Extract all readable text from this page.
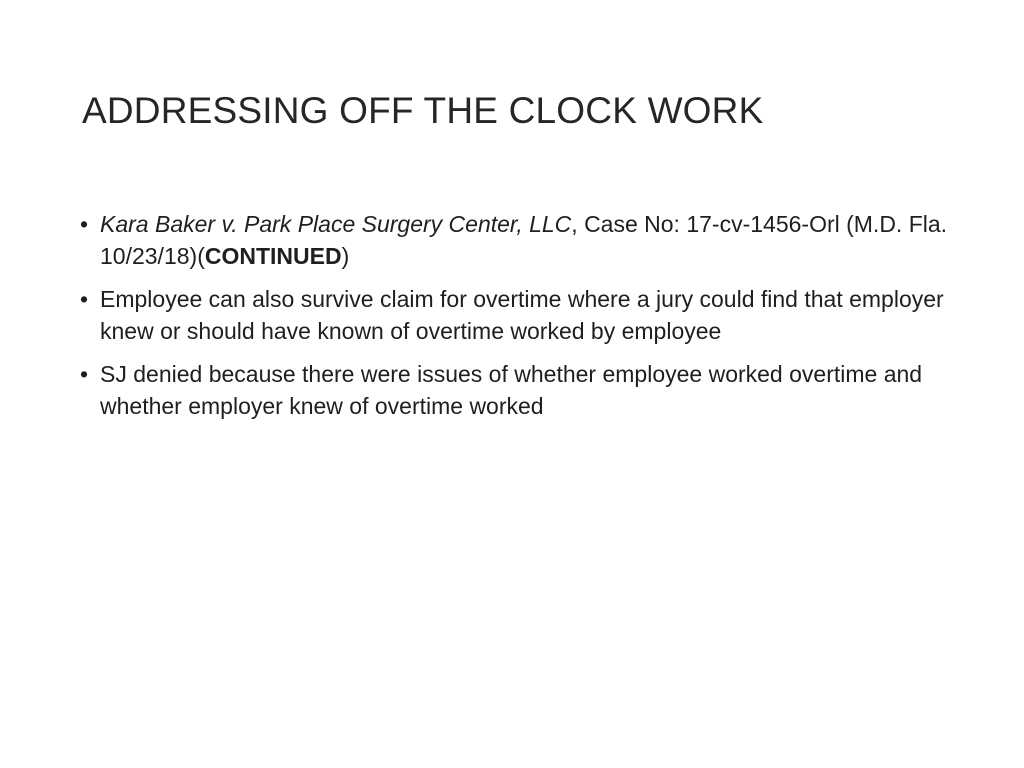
ADDRESSING OFF THE CLOCK WORK
• Kara Baker v. Park Place Surgery Center, LLC, Case No: 17-cv-1456-Orl (M.D. Fla. 10/23/18)(CONTINUED)
• Employee can also survive claim for overtime where a jury could find that employer knew or should have known of overtime worked by employee
• SJ denied because there were issues of whether employee worked overtime and whether employer knew of overtime worked
